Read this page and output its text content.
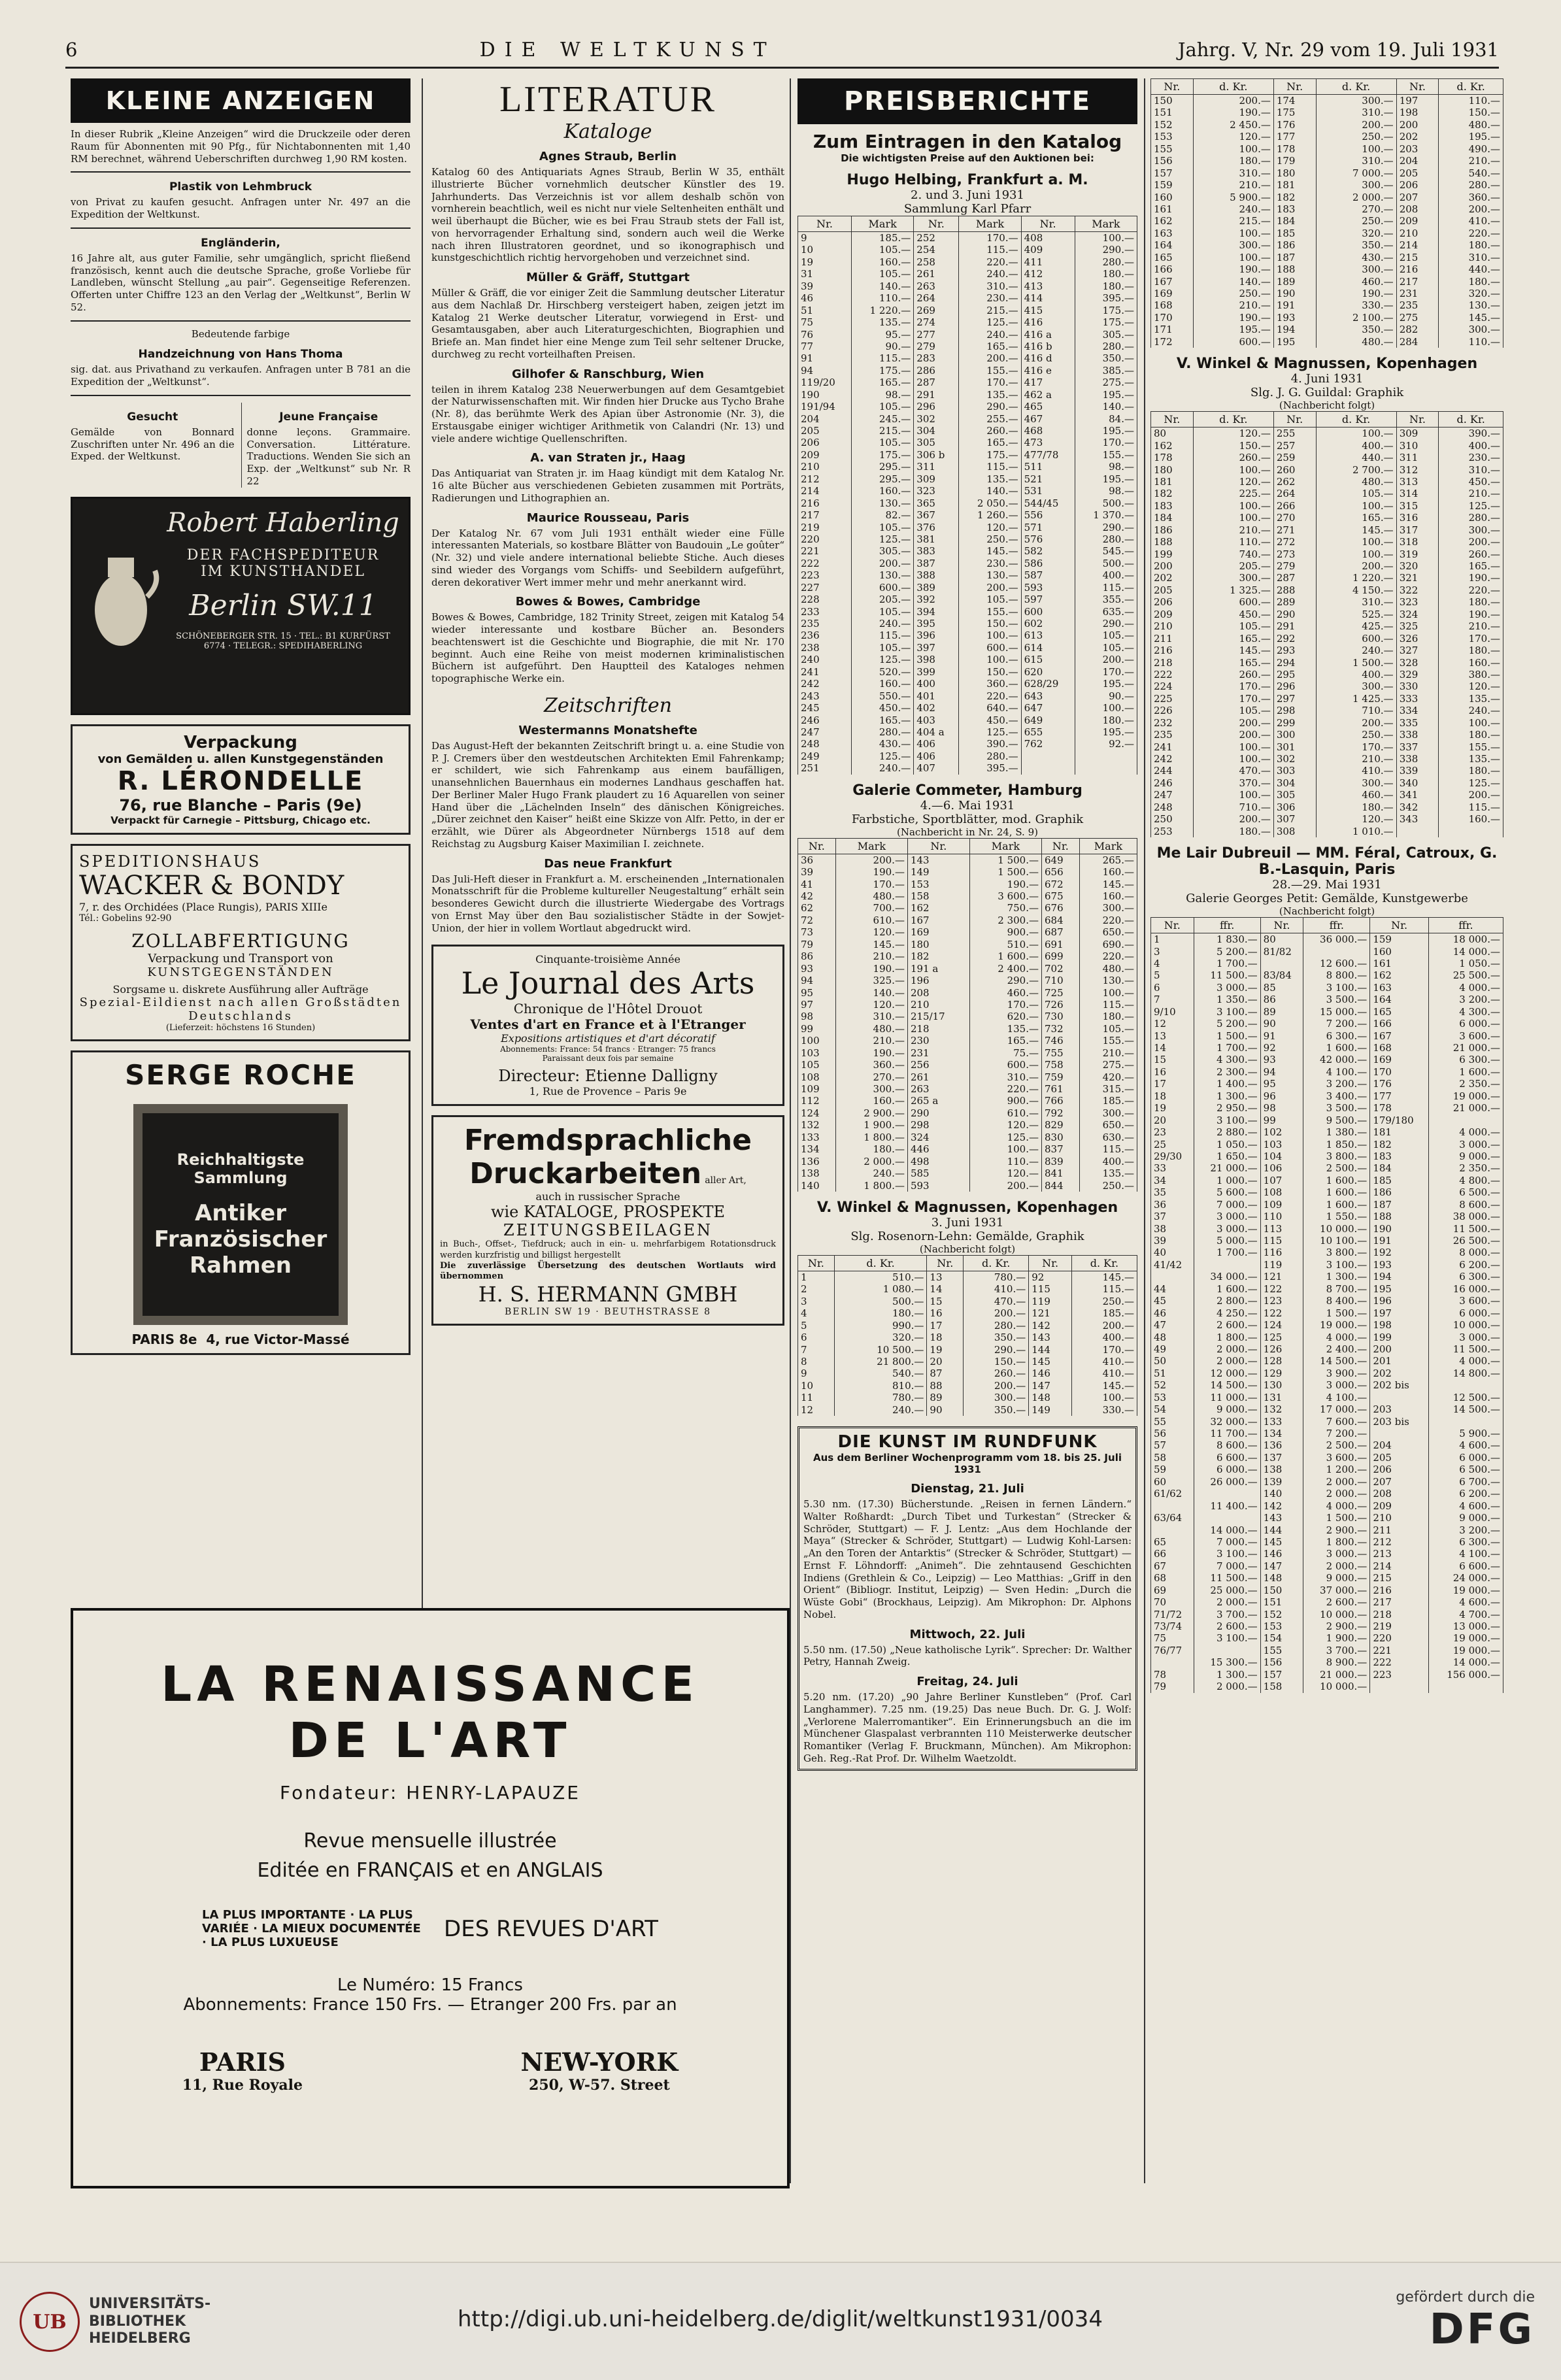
6	DIE WELTKUNST	Jahrg. V, Nr. 29 vom 19. Juli 1931
KLEINE ANZEIGEN
In dieser Rubrik „Kleine Anzeigen“ wird die Druckzeile oder deren Raum für Abonnenten mit 90 Pfg., für Nichtabonnenten mit 1,40 RM berechnet, während Ueberschriften durchweg 1,90 RM kosten.
Plastik von Lehmbruck
von Privat zu kaufen gesucht. Anfragen unter Nr. 497 an die Expedition der Weltkunst.
Engländerin,
16 Jahre alt, aus guter Familie, sehr umgänglich, spricht fließend französisch, kennt auch die deutsche Sprache, große Vorliebe für Landleben, wünscht Stellung „au pair“. Gegenseitige Referenzen. Offerten unter Chiffre 123 an den Verlag der „Weltkunst“, Berlin W 52.
Bedeutende farbige
Handzeichnung von Hans Thoma
sig. dat. aus Privathand zu verkaufen. Anfragen unter B 781 an die Expedition der „Weltkunst“.
Gesucht
Gemälde von Bonnard Zuschriften unter Nr. 496 an die Exped. der Weltkunst.
Jeune Française
donne leçons. Grammaire. Conversation. Littérature. Traductions. Wenden Sie sich an Exp. der „Weltkunst“ sub Nr. R 22
Robert Haberling
DER FACHSPEDITEUR
IM KUNSTHANDEL
Berlin SW.11
SCHÖNEBERGER STR. 15 · TEL.: B1 KURFÜRST 6774 · TELEGR.: SPEDIHABERLING
Verpackung
von Gemälden u. allen Kunstgegenständen
R. LÉRONDELLE
76, rue Blanche – Paris (9e)
Verpackt für Carnegie – Pittsburg, Chicago etc.
SPEDITIONSHAUS
WACKER & BONDY
7, r. des Orchidées (Place Rungis), PARIS XIIIe
Tél.: Gobelins 92-90
ZOLLABFERTIGUNG
Verpackung und Transport von
KUNSTGEGENSTÄNDEN
Sorgsame u. diskrete Ausführung aller Aufträge
Spezial-Eildienst nach allen Großstädten Deutschlands
(Lieferzeit: höchstens 16 Stunden)
SERGE ROCHE
Reichhaltigste Sammlung
Antiker Französischer Rahmen
PARIS 8e 4, rue Victor-Massé
LITERATUR
Kataloge
Agnes Straub, Berlin
Katalog 60 des Antiquariats Agnes Straub, Berlin W 35, enthält illustrierte Bücher vornehmlich deutscher Künstler des 19. Jahrhunderts. Das Verzeichnis ist vor allem deshalb schön von vornherein beachtlich, weil es nicht nur viele Seltenheiten enthält und weil überhaupt die Bücher, wie es bei Frau Straub stets der Fall ist, von hervorragender Erhaltung sind, sondern auch weil die Werke nach ihren Illustratoren geordnet, und so ikonographisch und kunstgeschichtlich richtig hervorgehoben und verzeichnet sind.
Müller & Gräff, Stuttgart
Müller & Gräff, die vor einiger Zeit die Sammlung deutscher Literatur aus dem Nachlaß Dr. Hirschberg versteigert haben, zeigen jetzt im Katalog 21 Werke deutscher Literatur, vorwiegend in Erst- und Gesamtausgaben, aber auch Literaturgeschichten, Biographien und Briefe an. Man findet hier eine Menge zum Teil sehr seltener Drucke, durchweg zu recht vorteilhaften Preisen.
Gilhofer & Ranschburg, Wien
teilen in ihrem Katalog 238 Neuerwerbungen auf dem Gesamtgebiet der Naturwissenschaften mit. Wir finden hier Drucke aus Tycho Brahe (Nr. 8), das berühmte Werk des Apian über Astronomie (Nr. 3), die Erstausgabe einiger wichtiger Arithmetik von Calandri (Nr. 13) und viele andere wichtige Quellenschriften.
A. van Straten jr., Haag
Das Antiquariat van Straten jr. im Haag kündigt mit dem Katalog Nr. 16 alte Bücher aus verschiedenen Gebieten zusammen mit Porträts, Radierungen und Lithographien an.
Maurice Rousseau, Paris
Der Katalog Nr. 67 vom Juli 1931 enthält wieder eine Fülle interessanten Materials, so kostbare Blätter von Baudouin „Le goûter“ (Nr. 32) und viele andere international beliebte Stiche. Auch dieses sind wieder des Vorgangs vom Schiffs- und Seebildern aufgeführt, deren dekorativer Wert immer mehr und mehr anerkannt wird.
Bowes & Bowes, Cambridge
Bowes & Bowes, Cambridge, 182 Trinity Street, zeigen mit Katalog 54 wieder interessante und kostbare Bücher an. Besonders beachtenswert ist die Geschichte und Biographie, die mit Nr. 170 beginnt. Auch eine Reihe von meist modernen kriminalistischen Büchern ist aufgeführt. Den Hauptteil des Kataloges nehmen topographische Werke ein.
Zeitschriften
Westermanns Monatshefte
Das August-Heft der bekannten Zeitschrift bringt u. a. eine Studie von P. J. Cremers über den westdeutschen Architekten Emil Fahrenkamp; er schildert, wie sich Fahrenkamp aus einem baufälligen, unansehnlichen Bauernhaus ein modernes Landhaus geschaffen hat. Der Berliner Maler Hugo Frank plaudert zu 16 Aquarellen von seiner Hand über die „Lächelnden Inseln“ des dänischen Königreiches. „Dürer zeichnet den Kaiser“ heißt eine Skizze von Alfr. Petto, in der er erzählt, wie Dürer als Abgeordneter Nürnbergs 1518 auf dem Reichstag zu Augsburg Kaiser Maximilian I. zeichnete.
Das neue Frankfurt
Das Juli-Heft dieser in Frankfurt a. M. erscheinenden „Internationalen Monatsschrift für die Probleme kultureller Neugestaltung“ erhält sein besonderes Gewicht durch die illustrierte Wiedergabe des Vortrags von Ernst May über den Bau sozialistischer Städte in der Sowjet-Union, der hier in vollem Wortlaut abgedruckt wird.
Cinquante-troisième Année
Le Journal des Arts
Chronique de l'Hôtel Drouot
Ventes d'art en France et à l'Etranger
Expositions artistiques et d'art décoratif
Abonnements: France: 54 francs · Etranger: 75 francs
Paraissant deux fois par semaine
Directeur: Etienne Dalligny
1, Rue de Provence – Paris 9e
Fremdsprachliche
Druckarbeiten aller Art,
auch in russischer Sprache
wie KATALOGE, PROSPEKTE
ZEITUNGSBEILAGEN
in Buch-, Offset-, Tiefdruck; auch in ein- u. mehrfarbigem Rotationsdruck werden kurzfristig und billigst hergestellt
Die zuverlässige Übersetzung des deutschen Wortlauts wird übernommen
H. S. HERMANN GMBH
BERLIN SW 19 · BEUTHSTRASSE 8
LA RENAISSANCE
DE L'ART
Fondateur: HENRY-LAPAUZE
Revue mensuelle illustrée
Editée en FRANÇAIS et en ANGLAIS
LA PLUS IMPORTANTE · LA PLUS VARIÉE · LA MIEUX DOCUMENTÉE · LA PLUS LUXUEUSE
DES REVUES D'ART
Le Numéro: 15 Francs
Abonnements: France 150 Frs. — Etranger 200 Frs. par an
PARIS
11, Rue Royale
NEW-YORK
250, W-57. Street
PREISBERICHTE
Zum Eintragen in den Katalog
Die wichtigsten Preise auf den Auktionen bei:
Hugo Helbing, Frankfurt a. M.
2. und 3. Juni 1931
Sammlung Karl Pfarr
Nr.	Mark	Nr.	Mark	Nr.	Mark
9	185.—	252	170.—	408	100.—
10	105.—	254	115.—	409	290.—
19	160.—	258	220.—	411	280.—
31	105.—	261	240.—	412	180.—
39	140.—	263	310.—	413	180.—
46	110.—	264	230.—	414	395.—
51	1 220.—	269	215.—	415	175.—
75	135.—	274	125.—	416	175.—
76	95.—	277	240.—	416 a	305.—
77	90.—	279	165.—	416 b	280.—
91	115.—	283	200.—	416 d	350.—
94	175.—	286	155.—	416 e	385.—
119/20	165.—	287	170.—	417	275.—
190	98.—	291	135.—	462 a	195.—
191/94	105.—	296	290.—	465	140.—
204	245.—	302	255.—	467	84.—
205	215.—	304	260.—	468	195.—
206	105.—	305	165.—	473	170.—
209	175.—	306 b	175.—	477/78	155.—
210	295.—	311	115.—	511	98.—
212	295.—	309	135.—	521	195.—
214	160.—	323	140.—	531	98.—
216	130.—	365	2 050.—	544/45	500.—
217	82.—	367	1 260.—	556	1 370.—
219	105.—	376	120.—	571	290.—
220	125.—	381	250.—	576	280.—
221	305.—	383	145.—	582	545.—
222	200.—	387	230.—	586	500.—
223	130.—	388	130.—	587	400.—
227	600.—	389	200.—	593	115.—
228	205.—	392	105.—	597	355.—
233	105.—	394	155.—	600	635.—
235	240.—	395	150.—	602	290.—
236	115.—	396	100.—	613	105.—
238	105.—	397	600.—	614	105.—
240	125.—	398	100.—	615	200.—
241	520.—	399	150.—	620	170.—
242	160.—	400	360.—	628/29	195.—
243	550.—	401	220.—	643	90.—
245	450.—	402	640.—	647	100.—
246	165.—	403	450.—	649	180.—
247	280.—	404 a	125.—	655	195.—
248	430.—	406	390.—	762	92.—
249	125.—	406	280.—		
251	240.—	407	395.—		
Galerie Commeter, Hamburg
4.—6. Mai 1931
Farbstiche, Sportblätter, mod. Graphik
(Nachbericht in Nr. 24, S. 9)
Nr.	Mark	Nr.	Mark	Nr.	Mark
36	200.—	143	1 500.—	649	265.—
39	190.—	149	1 500.—	656	160.—
41	170.—	153	190.—	672	145.—
42	480.—	158	3 600.—	675	160.—
62	700.—	162	750.—	676	300.—
72	610.—	167	2 300.—	684	220.—
73	120.—	169	900.—	687	650.—
79	145.—	180	510.—	691	690.—
86	210.—	182	1 600.—	699	220.—
93	190.—	191 a	2 400.—	702	480.—
94	325.—	196	290.—	710	130.—
95	140.—	208	460.—	725	100.—
97	120.—	210	170.—	726	115.—
98	310.—	215/17	620.—	730	180.—
99	480.—	218	135.—	732	105.—
100	210.—	230	165.—	746	155.—
103	190.—	231	75.—	755	210.—
105	360.—	256	600.—	758	275.—
108	270.—	261	310.—	759	420.—
109	300.—	263	220.—	761	315.—
112	160.—	265 a	900.—	766	185.—
124	2 900.—	290	610.—	792	300.—
132	1 900.—	298	120.—	829	650.—
133	1 800.—	324	125.—	830	630.—
134	180.—	446	100.—	837	115.—
136	2 000.—	498	110.—	839	400.—
138	240.—	585	120.—	841	135.—
140	1 800.—	593	200.—	844	250.—
V. Winkel & Magnussen, Kopenhagen
3. Juni 1931
Slg. Rosenorn-Lehn: Gemälde, Graphik
(Nachbericht folgt)
Nr.	d. Kr.	Nr.	d. Kr.	Nr.	d. Kr.
1	510.—	13	780.—	92	145.—
2	1 080.—	14	410.—	115	115.—
3	500.—	15	470.—	119	250.—
4	180.—	16	200.—	121	185.—
5	990.—	17	280.—	142	200.—
6	320.—	18	350.—	143	400.—
7	10 500.—	19	290.—	144	170.—
8	21 800.—	20	150.—	145	410.—
9	540.—	87	260.—	146	410.—
10	810.—	88	200.—	147	145.—
11	780.—	89	300.—	148	100.—
12	240.—	90	350.—	149	330.—
DIE KUNST IM RUNDFUNK
Aus dem Berliner Wochenprogramm vom 18. bis 25. Juli 1931
Dienstag, 21. Juli
5.30 nm. (17.30) Bücherstunde. „Reisen in fernen Ländern.“ Walter Roßhardt: „Durch Tibet und Turkestan“ (Strecker & Schröder, Stuttgart) — F. J. Lentz: „Aus dem Hochlande der Maya“ (Strecker & Schröder, Stuttgart) — Ludwig Kohl-Larsen: „An den Toren der Antarktis“ (Strecker & Schröder, Stuttgart) — Ernst F. Löhndorff: „Animeh“. Die zehntausend Geschichten Indiens (Grethlein & Co., Leipzig) — Leo Matthias: „Griff in den Orient“ (Bibliogr. Institut, Leipzig) — Sven Hedin: „Durch die Wüste Gobi“ (Brockhaus, Leipzig). Am Mikrophon: Dr. Alphons Nobel.
Mittwoch, 22. Juli
5.50 nm. (17.50) „Neue katholische Lyrik“. Sprecher: Dr. Walther Petry, Hannah Zweig.
Freitag, 24. Juli
5.20 nm. (17.20) „90 Jahre Berliner Kunstleben“ (Prof. Carl Langhammer). 7.25 nm. (19.25) Das neue Buch. Dr. G. J. Wolf: „Verlorene Malerromantiker“. Ein Erinnerungsbuch an die im Münchener Glaspalast verbrannten 110 Meisterwerke deutscher Romantiker (Verlag F. Bruckmann, München). Am Mikrophon: Geh. Reg.-Rat Prof. Dr. Wilhelm Waetzoldt.
Nr.	d. Kr.	Nr.	d. Kr.	Nr.	d. Kr.
150	200.—	174	300.—	197	110.—
151	190.—	175	310.—	198	150.—
152	2 450.—	176	200.—	200	480.—
153	120.—	177	250.—	202	195.—
155	100.—	178	100.—	203	490.—
156	180.—	179	310.—	204	210.—
157	310.—	180	7 000.—	205	540.—
159	210.—	181	300.—	206	280.—
160	5 900.—	182	2 000.—	207	360.—
161	240.—	183	270.—	208	200.—
162	215.—	184	250.—	209	410.—
163	100.—	185	320.—	210	220.—
164	300.—	186	350.—	214	180.—
165	100.—	187	430.—	215	310.—
166	190.—	188	300.—	216	440.—
167	140.—	189	460.—	217	180.—
169	250.—	190	190.—	231	320.—
168	210.—	191	330.—	235	130.—
170	190.—	193	2 100.—	275	145.—
171	195.—	194	350.—	282	300.—
172	600.—	195	480.—	284	110.—
V. Winkel & Magnussen, Kopenhagen
4. Juni 1931
Slg. J. G. Guildal: Graphik
(Nachbericht folgt)
Nr.	d. Kr.	Nr.	d. Kr.	Nr.	d. Kr.
80	120.—	255	100.—	309	390.—
162	150.—	257	400.—	310	400.—
178	260.—	259	440.—	311	230.—
180	100.—	260	2 700.—	312	310.—
181	120.—	262	480.—	313	450.—
182	225.—	264	105.—	314	210.—
183	100.—	266	100.—	315	125.—
184	100.—	270	165.—	316	280.—
186	210.—	271	145.—	317	300.—
188	110.—	272	100.—	318	200.—
199	740.—	273	100.—	319	260.—
200	205.—	279	200.—	320	165.—
202	300.—	287	1 220.—	321	190.—
205	1 325.—	288	4 150.—	322	220.—
206	600.—	289	310.—	323	180.—
209	450.—	290	525.—	324	190.—
210	105.—	291	425.—	325	210.—
211	165.—	292	600.—	326	170.—
216	145.—	293	240.—	327	180.—
218	165.—	294	1 500.—	328	160.—
222	260.—	295	400.—	329	380.—
224	170.—	296	300.—	330	120.—
225	170.—	297	1 425.—	333	135.—
226	105.—	298	710.—	334	240.—
232	200.—	299	200.—	335	100.—
235	200.—	300	250.—	338	180.—
241	100.—	301	170.—	337	155.—
242	100.—	302	210.—	338	135.—
244	470.—	303	410.—	339	180.—
246	370.—	304	300.—	340	125.—
247	100.—	305	460.—	341	200.—
248	710.—	306	180.—	342	115.—
250	200.—	307	120.—	343	160.—
253	180.—	308	1 010.—		
Me Lair Dubreuil — MM. Féral, Catroux, G. B.-Lasquin, Paris
28.—29. Mai 1931
Galerie Georges Petit: Gemälde, Kunstgewerbe
(Nachbericht folgt)
Nr.	ffr.	Nr.	ffr.	Nr.	ffr.
1	1 830.—	80	36 000.—	159	18 000.—
3	5 200.—	81/82		160	14 000.—
4	1 700.—		12 600.—	161	1 050.—
5	11 500.—	83/84	8 800.—	162	25 500.—
6	3 000.—	85	3 100.—	163	4 000.—
7	1 350.—	86	3 500.—	164	3 200.—
9/10	3 100.—	89	15 000.—	165	4 300.—
12	5 200.—	90	7 200.—	166	6 000.—
13	1 500.—	91	6 300.—	167	3 600.—
14	1 700.—	92	1 600.—	168	21 000.—
15	4 300.—	93	42 000.—	169	6 300.—
16	2 300.—	94	4 100.—	170	1 600.—
17	1 400.—	95	3 200.—	176	2 350.—
18	1 300.—	96	3 400.—	177	19 000.—
19	2 950.—	98	3 500.—	178	21 000.—
20	3 100.—	99	9 500.—	179/180	
23	2 880.—	102	1 380.—	181	4 000.—
25	1 050.—	103	1 850.—	182	3 000.—
29/30	1 650.—	104	3 800.—	183	9 000.—
33	21 000.—	106	2 500.—	184	2 350.—
34	1 000.—	107	1 600.—	185	4 800.—
35	5 600.—	108	1 600.—	186	6 500.—
36	7 000.—	109	1 600.—	187	8 600.—
37	3 000.—	110	1 550.—	188	38 000.—
38	3 000.—	113	10 000.—	190	11 500.—
39	5 000.—	115	10 100.—	191	26 500.—
40	1 700.—	116	3 800.—	192	8 000.—
41/42		119	3 100.—	193	6 200.—
	34 000.—	121	1 300.—	194	6 300.—
44	1 600.—	122	8 700.—	195	16 000.—
45	2 800.—	123	8 400.—	196	3 600.—
46	4 250.—	122	1 500.—	197	6 000.—
47	2 600.—	124	19 000.—	198	10 000.—
48	1 800.—	125	4 000.—	199	3 000.—
49	2 000.—	126	2 400.—	200	11 500.—
50	2 000.—	128	14 500.—	201	4 000.—
51	12 000.—	129	3 900.—	202	14 800.—
52	14 500.—	130	3 000.—	202 bis	
53	11 000.—	131	4 100.—		12 500.—
54	9 000.—	132	17 000.—	203	14 500.—
55	32 000.—	133	7 600.—	203 bis	
56	11 700.—	134	7 200.—		5 900.—
57	8 600.—	136	2 500.—	204	4 600.—
58	6 600.—	137	3 600.—	205	6 000.—
59	6 000.—	138	1 200.—	206	6 500.—
60	26 000.—	139	2 000.—	207	6 700.—
61/62		140	2 000.—	208	6 200.—
	11 400.—	142	4 000.—	209	4 600.—
63/64		143	1 500.—	210	9 000.—
	14 000.—	144	2 900.—	211	3 200.—
65	7 000.—	145	1 800.—	212	6 300.—
66	3 100.—	146	3 000.—	213	4 100.—
67	7 000.—	147	2 000.—	214	6 600.—
68	11 500.—	148	9 000.—	215	24 000.—
69	25 000.—	150	37 000.—	216	19 000.—
70	2 000.—	151	2 600.—	217	4 600.—
71/72	3 700.—	152	10 000.—	218	4 700.—
73/74	2 600.—	153	2 900.—	219	13 000.—
75	3 100.—	154	1 900.—	220	19 000.—
76/77		155	3 700.—	221	19 000.—
	15 300.—	156	8 900.—	222	14 000.—
78	1 300.—	157	21 000.—	223	156 000.—
79	2 000.—	158	10 000.—		
UB
UNIVERSITÄTS-
BIBLIOTHEK
HEIDELBERG
http://digi.ub.uni-heidelberg.de/diglit/weltkunst1931/0034
gefördert durch die
DFG
